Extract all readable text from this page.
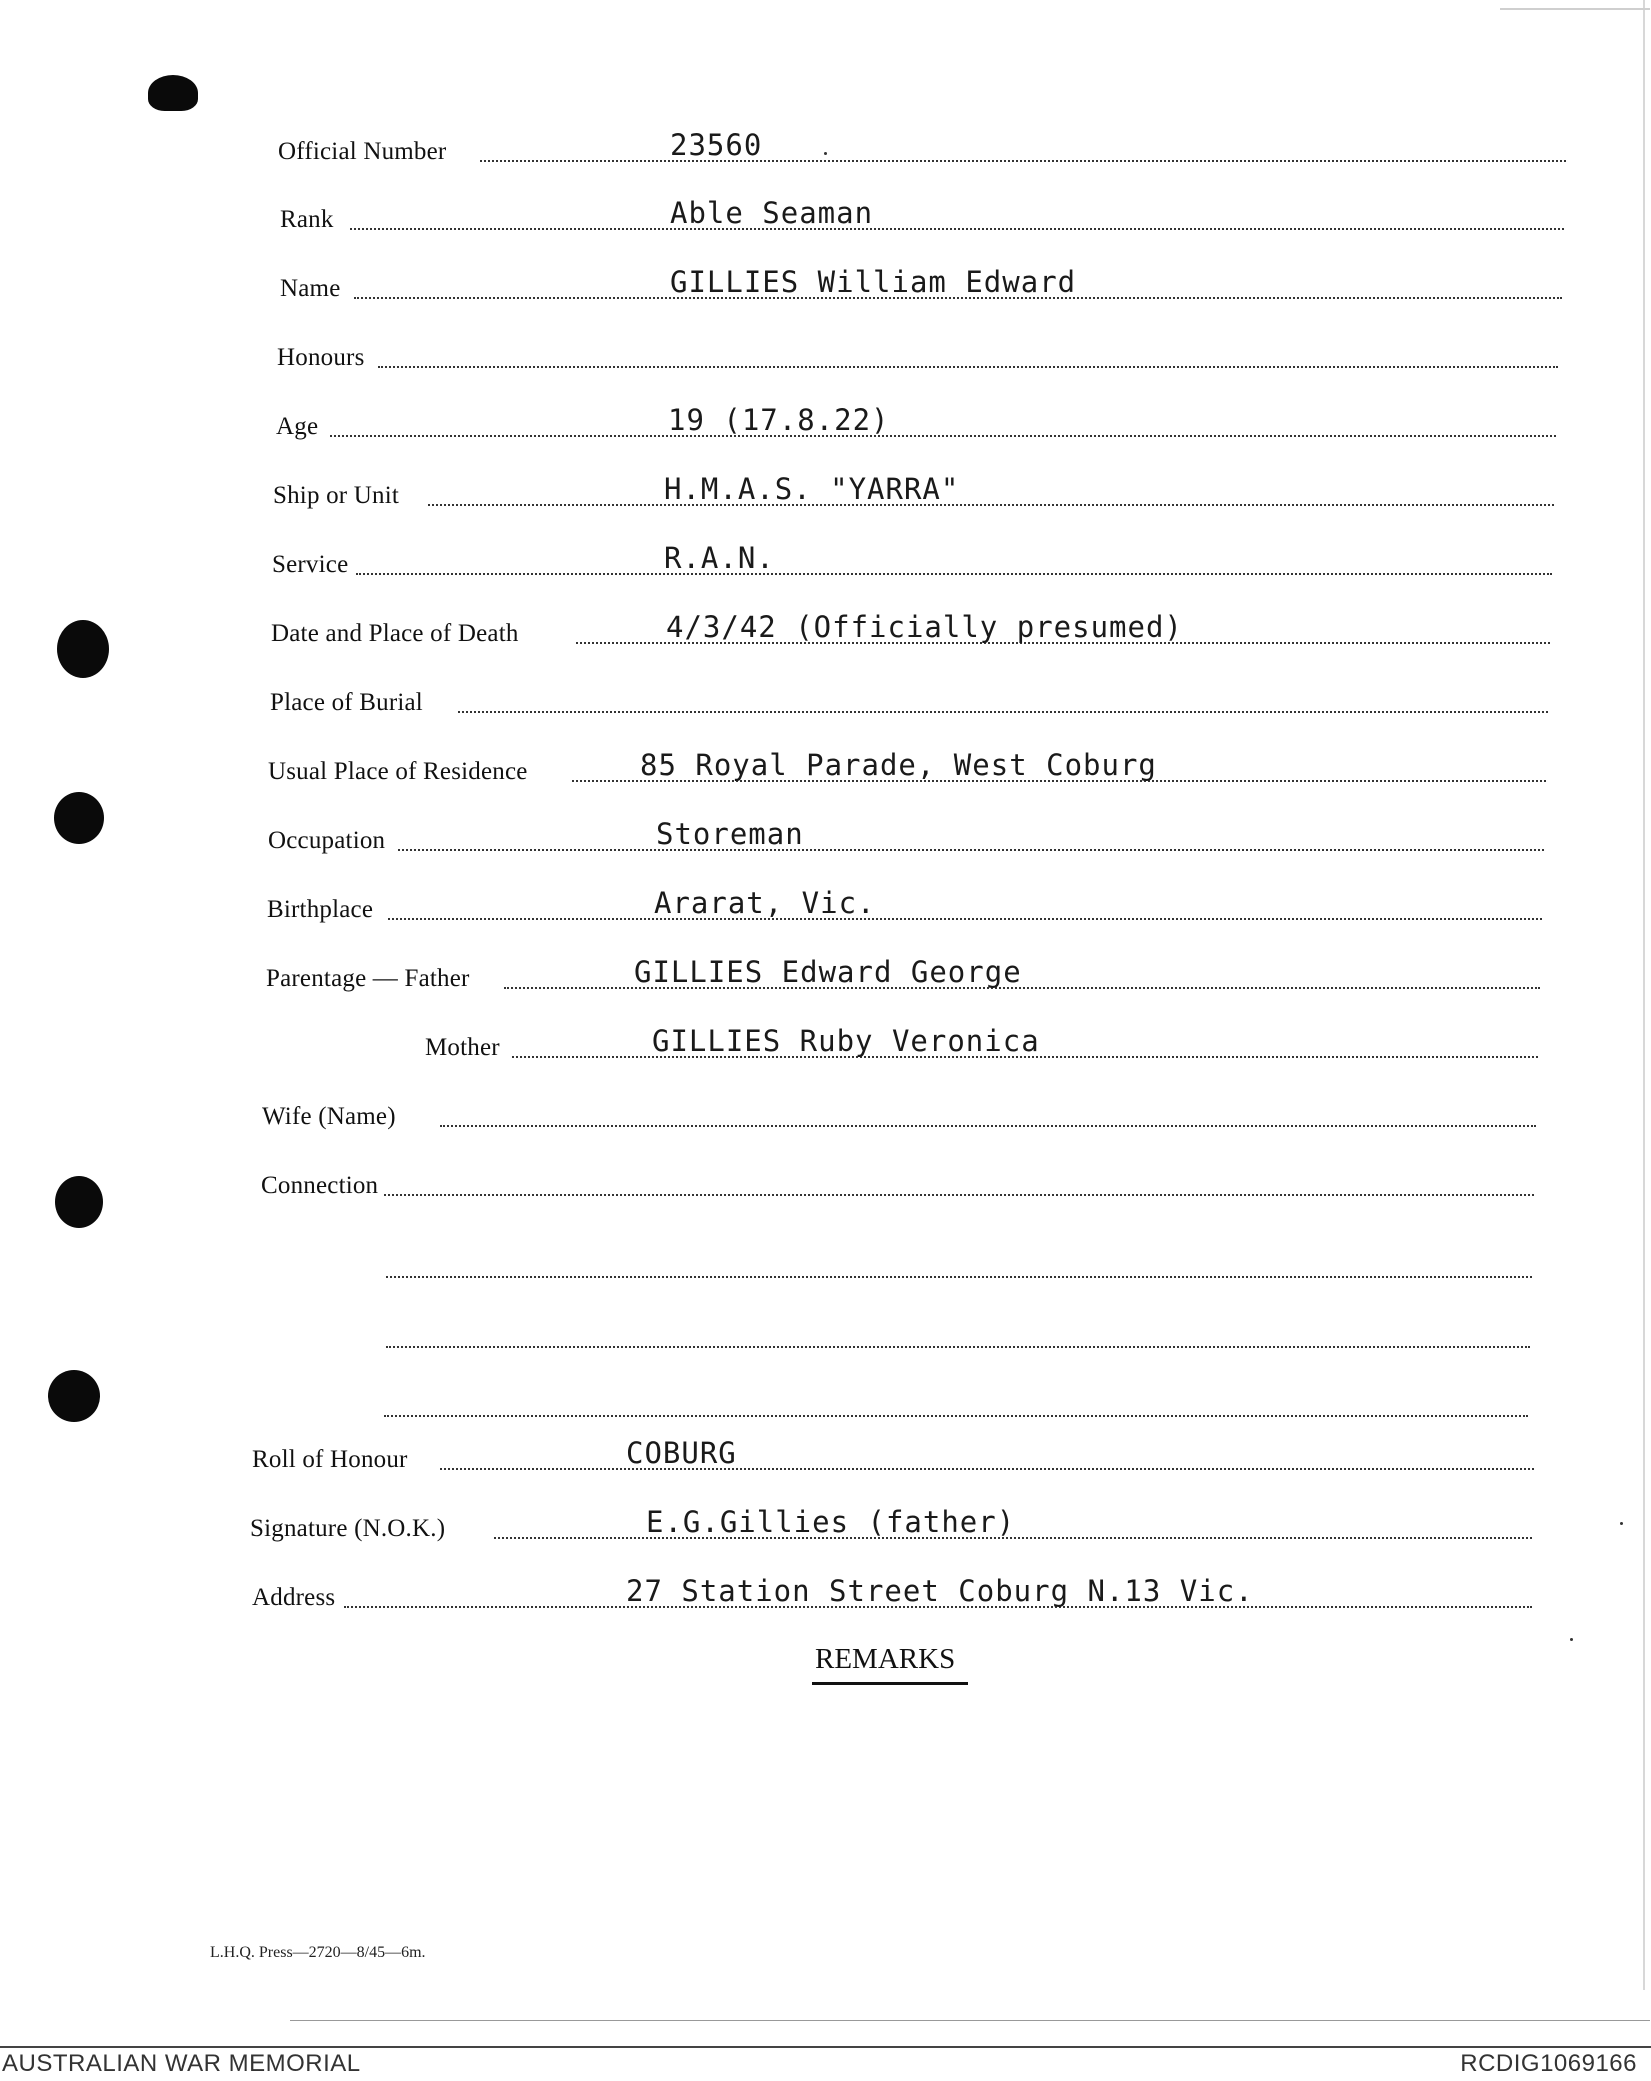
Official Number	23560
Rank	Able Seaman
Name	GILLIES William Edward
Honours
Age	19 (17.8.22)
Ship or Unit	H.M.A.S. "YARRA"
Service	R.A.N.
Date and Place of Death	4/3/42 (Officially presumed)
Place of Burial
Usual Place of Residence	85 Royal Parade, West Coburg
Occupation	Storeman
Birthplace	Ararat, Vic.
Parentage — Father	GILLIES Edward George
Mother	GILLIES Ruby Veronica
Wife (Name)
Connection
Roll of Honour	COBURG
Signature (N.O.K.)	E.G.Gillies (father)
Address	27 Station Street Coburg N.13 Vic.
REMARKS
L.H.Q. Press—2720—8/45—6m.
AUSTRALIAN WAR MEMORIAL	RCDIG1069166
